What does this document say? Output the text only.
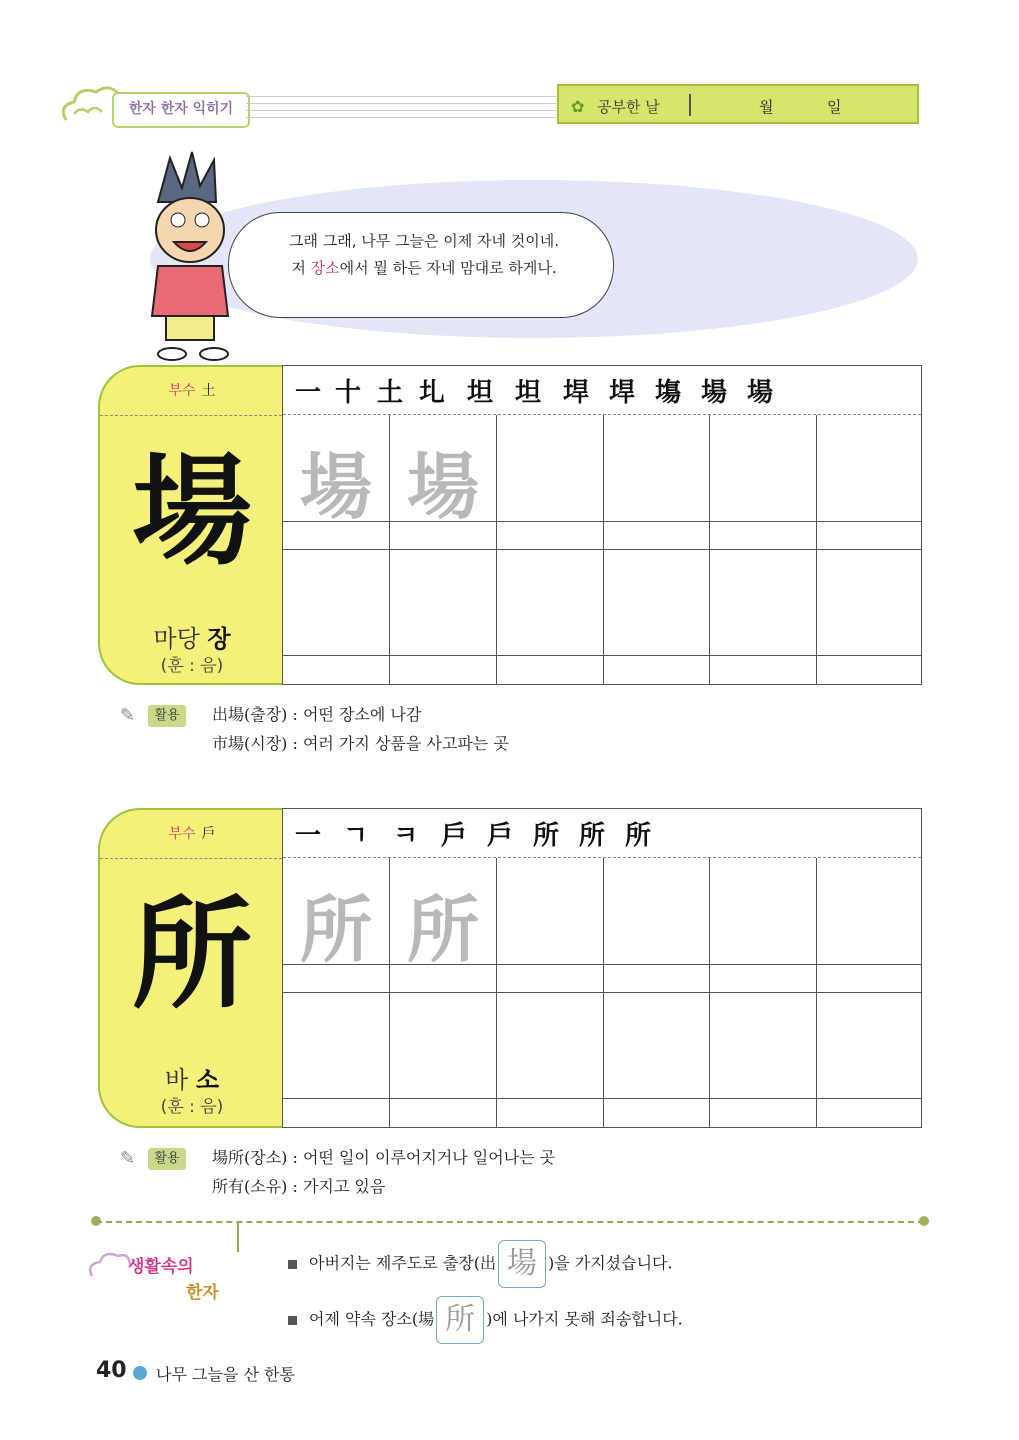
한자 한자 익히기	✿ 공부한 날	월	일
그래 그래, 나무 그늘은 이제 자네 것이네.
저 장소에서 뭘 하든 자네 맘대로 하게나.
부수 土
場
마당 장
(훈 : 음)
一 十 土 圠 坦 坦 垾 垾 塲 場 場
場 場
✎	활용	出場(출장) : 어떤 장소에 나감
市場(시장) : 여러 가지 상품을 사고파는 곳
부수 戶
所
바 소
(훈 : 음)
一 ㄱ ㅋ 戶 戶 所 所 所
所 所
✎	활용	場所(장소) : 어떤 일이 이루어지거나 일어나는 곳
所有(소유) : 가지고 있음
생활속의
한자
아버지는 제주도로 출장(出 場 )을 가지셨습니다.
어제 약속 장소(場 所 )에 나가지 못해 죄송합니다.
40 나무 그늘을 산 한통
